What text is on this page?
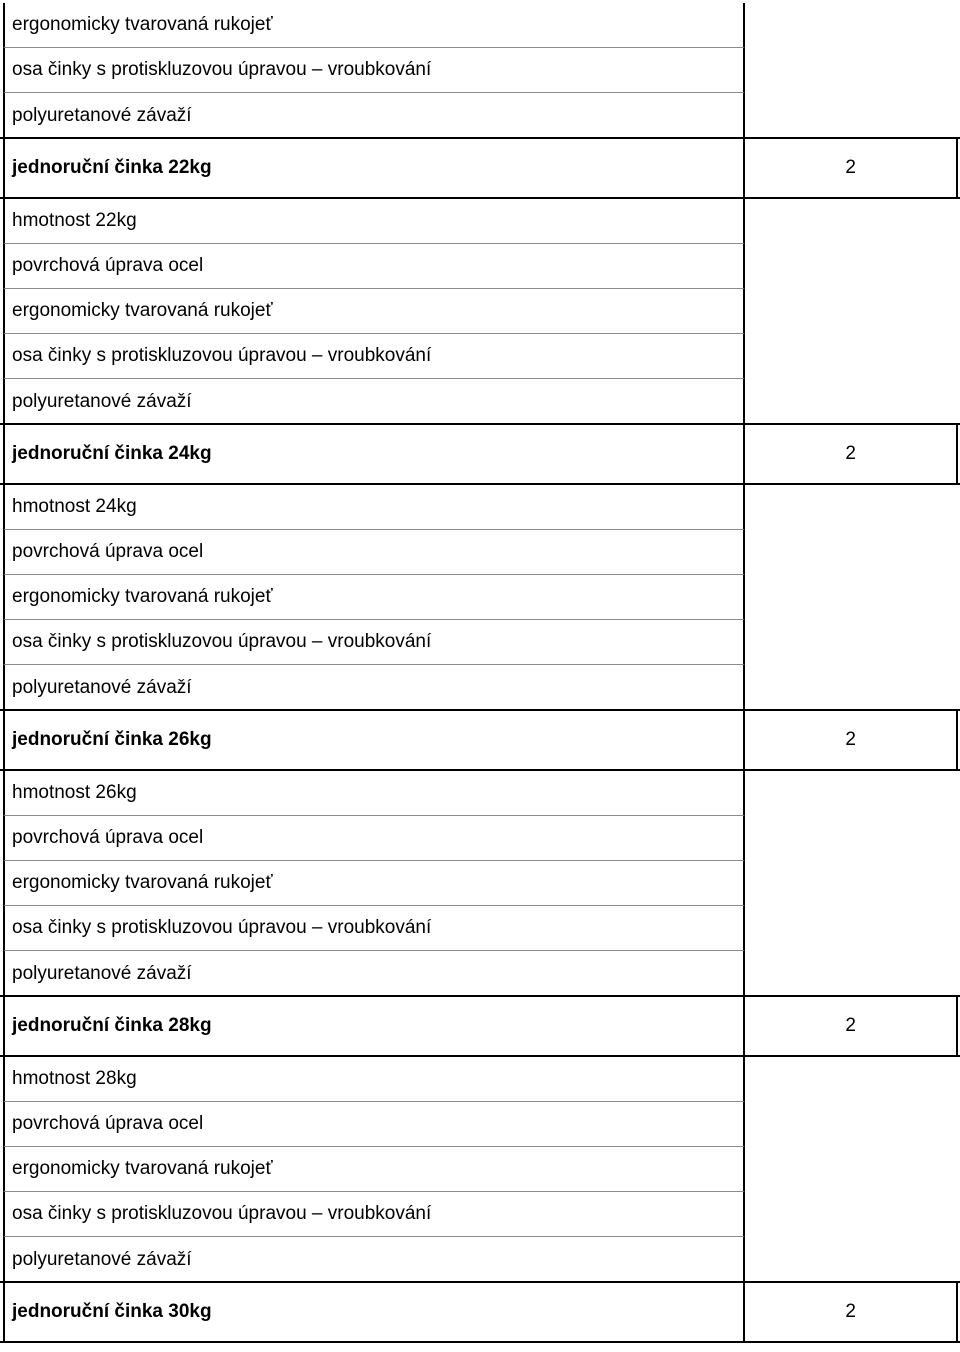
ergonomicky tvarovaná rukojeť
osa činky s protiskluzovou úpravou – vroubkování
polyuretanové závaží
jednoruční činka 22kg	2
hmotnost 22kg
povrchová úprava ocel
ergonomicky tvarovaná rukojeť
osa činky s protiskluzovou úpravou – vroubkování
polyuretanové závaží
jednoruční činka 24kg	2
hmotnost 24kg
povrchová úprava ocel
ergonomicky tvarovaná rukojeť
osa činky s protiskluzovou úpravou – vroubkování
polyuretanové závaží
jednoruční činka 26kg	2
hmotnost 26kg
povrchová úprava ocel
ergonomicky tvarovaná rukojeť
osa činky s protiskluzovou úpravou – vroubkování
polyuretanové závaží
jednoruční činka 28kg	2
hmotnost 28kg
povrchová úprava ocel
ergonomicky tvarovaná rukojeť
osa činky s protiskluzovou úpravou – vroubkování
polyuretanové závaží
jednoruční činka 30kg	2
